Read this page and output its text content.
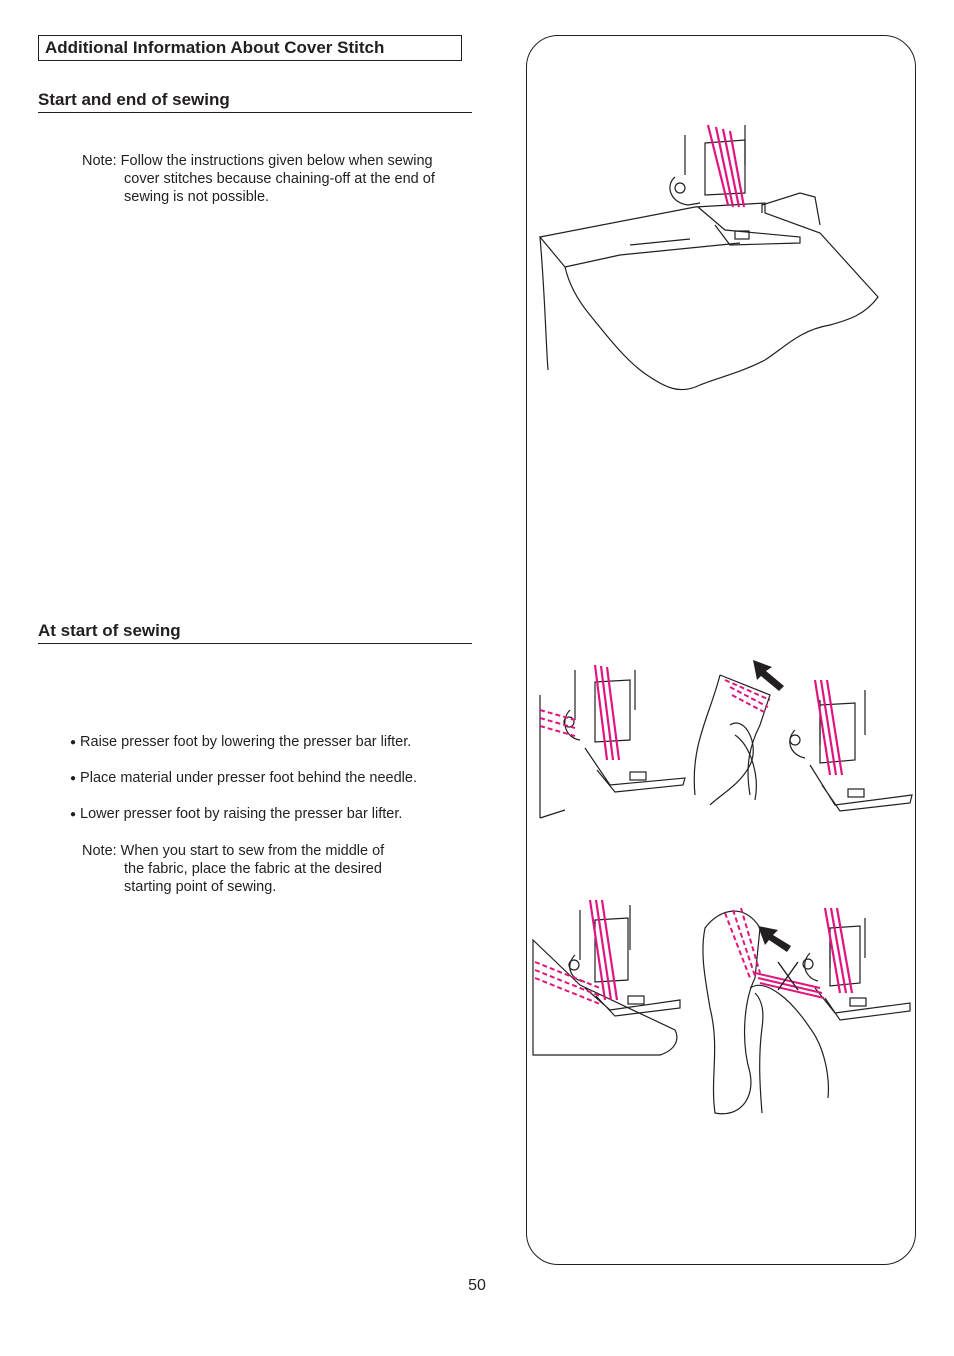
Additional Information About Cover Stitch
Start and end of sewing
Note: Follow the instructions given below when sewing
cover stitches because chaining-off at the end of
sewing is not possible.
At start of sewing
● Raise presser foot by lowering the presser bar lifter.
● Place material under presser foot behind the needle.
● Lower presser foot by raising the presser bar lifter.
Note: When you start to sew from the middle of
the fabric, place the fabric at the desired
starting point of sewing.
50
